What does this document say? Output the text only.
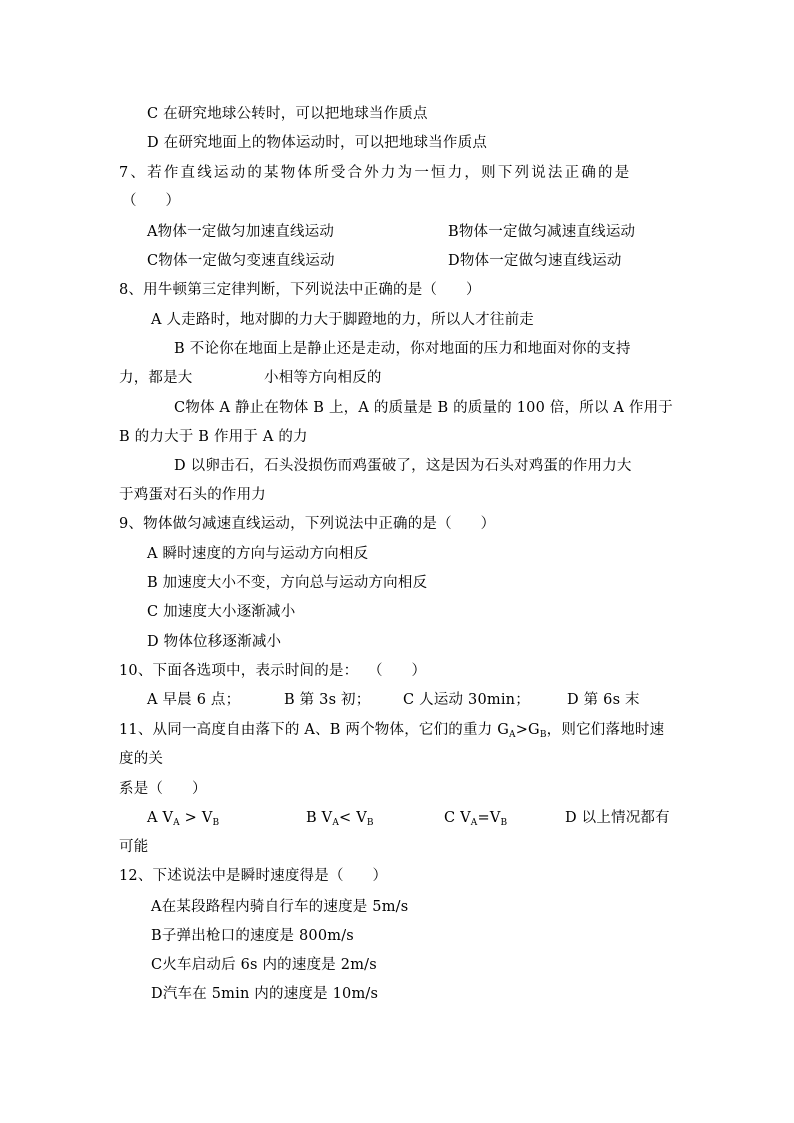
C 在研究地球公转时，可以把地球当作质点
D 在研究地面上的物体运动时，可以把地球当作质点
7、若作直线运动的某物体所受合外力为一恒力，则下列说法正确的是
（      ）
A物体一定做匀加速直线运动	B物体一定做匀减速直线运动
C物体一定做匀变速直线运动	D物体一定做匀速直线运动
8、用牛顿第三定律判断，下列说法中正确的是（      ）
A 人走路时，地对脚的力大于脚蹬地的力，所以人才往前走
B 不论你在地面上是静止还是走动，你对地面的压力和地面对你的支持
力，都是大	小相等方向相反的
C物体 A 静止在物体 B 上，A 的质量是 B 的质量的 100 倍，所以 A 作用于
B 的力大于 B 作用于 A 的力
D 以卵击石，石头没损伤而鸡蛋破了，这是因为石头对鸡蛋的作用力大
于鸡蛋对石头的作用力
9、物体做匀减速直线运动，下列说法中正确的是（      ）
A 瞬时速度的方向与运动方向相反
B 加速度大小不变，方向总与运动方向相反
C 加速度大小逐渐减小
D 物体位移逐渐减小
10、下面各选项中，表示时间的是：  （      ）
A 早晨 6 点；	B 第 3s 初； C 人运动 30min；	D 第 6s 末
11、从同一高度自由落下的 A、B 两个物体，它们的重力 $G_A>G_B$，则它们落地时速
度的关
系是（      ）
A $V_A > V_B$	B $V_A< V_B$	C $V_A=V_B$	D 以上情况都有
可能
12、下述说法中是瞬时速度得是（      ）
A在某段路程内骑自行车的速度是 5m/s
B子弹出枪口的速度是 800m/s
C火车启动后 6s 内的速度是 2m/s
D汽车在 5min 内的速度是 10m/s
